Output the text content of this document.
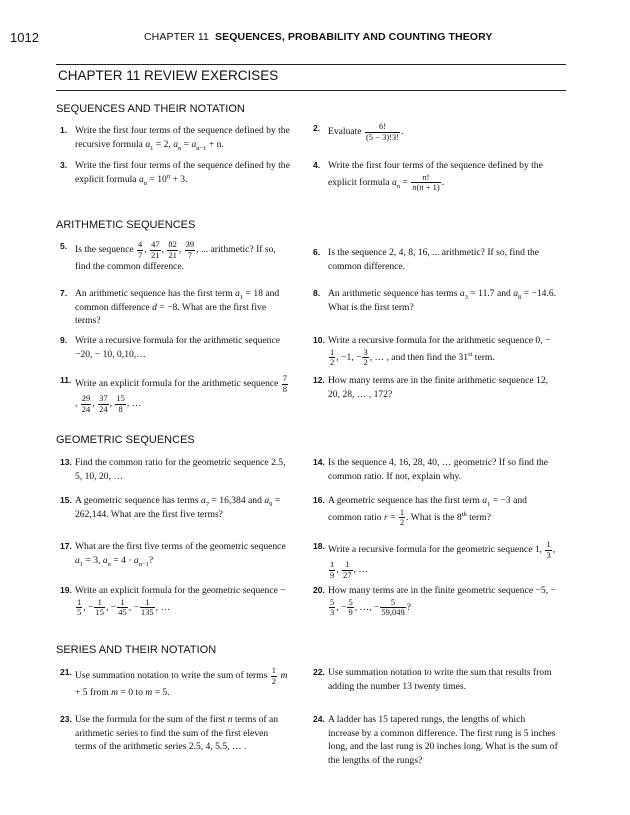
1012	CHAPTER 11 SEQUENCES, PROBABILITY AND COUNTING THEORY
CHAPTER 11 REVIEW EXERCISES
SEQUENCES AND THEIR NOTATION
ARITHMETIC SEQUENCES
GEOMETRIC SEQUENCES
SERIES AND THEIR NOTATION
1. Write the first four terms of the sequence defined by the recursive formula $a_1 = 2$, $a_n = a_{n-1} + n$.
2. Evaluate $\frac{6!}{(5 - 3)!3!}$ .
3. Write the first four terms of the sequence defined by the explicit formula $a_n = 10^n + 3$.
4. Write the first four terms of the sequence defined by the explicit formula $a_n = \frac{n!}{n(n + 1)}$ .
5. Is the sequence $\frac{4}{7}$ , $\frac{47}{21}$ , $\frac{82}{21}$ , $\frac{39}{7}$ , ... arithmetic? If so, find the common difference.
6. Is the sequence 2, 4, 8, 16, ... arithmetic? If so, find the common difference.
7. An arithmetic sequence has the first term $a_1 = 18$ and common difference d = −8. What are the first five terms?
8. An arithmetic sequence has terms $a_3 = 11.7$ and $a_8 = -14.6$. What is the first term?
9. Write a recursive formula for the arithmetic sequence −20, − 10, 0,10,…
10. Write a recursive formula for the arithmetic sequence 0, −
$\frac{1}{2}$ , −1, − $\frac{3}{2}$ , … , and then find the 31st term.
11. Write an explicit formula for the arithmetic sequence $\frac{7}{8}$
, $\frac{29}{24}$ , $\frac{37}{24}$ , $\frac{15}{8}$ , …
12. How many terms are in the finite arithmetic sequence 12, 20, 28, … , 172?
13. Find the common ratio for the geometric sequence 2.5, 5, 10, 20, …
14. Is the sequence 4, 16, 28, 40, … geometric? If so find the common ratio. If not, explain why.
15. A geometric sequence has terms $a_7 = 16,384$ and $a_9 = 262,144$. What are the first five terms?
16. A geometric sequence has the first term $a_1 = -3$ and common ratio $r = \frac{1}{2}$ . What is the 8th term?
17. What are the first five terms of the geometric sequence $a_1 = 3$, $a_n = 4 \cdot a_{n-1}$?
18. Write a recursive formula for the geometric sequence 1, $\frac{1}{3}$ ,
$\frac{1}{9}$ , $\frac{1}{27}$ , …
19. Write an explicit formula for the geometric sequence −
$\frac{1}{5}$ , − $\frac{1}{15}$ , − $\frac{1}{45}$ , − $\frac{1}{135}$ , …
20. How many terms are in the finite geometric sequence −5, −
$\frac{5}{3}$ , − $\frac{5}{9}$ , …, − $\frac{5}{59,049}$ ?
21. Use summation notation to write the sum of terms $\frac{1}{2}$ m + 5 from m = 0 to m = 5.
22. Use summation notation to write the sum that results from adding the number 13 twenty times.
23. Use the formula for the sum of the first n terms of an arithmetic series to find the sum of the first eleven terms of the arithmetic series 2.5, 4, 5.5, … .
24. A ladder has 15 tapered rungs, the lengths of which increase by a common difference. The first rung is 5 inches long, and the last rung is 20 inches long. What is the sum of the lengths of the rungs?
